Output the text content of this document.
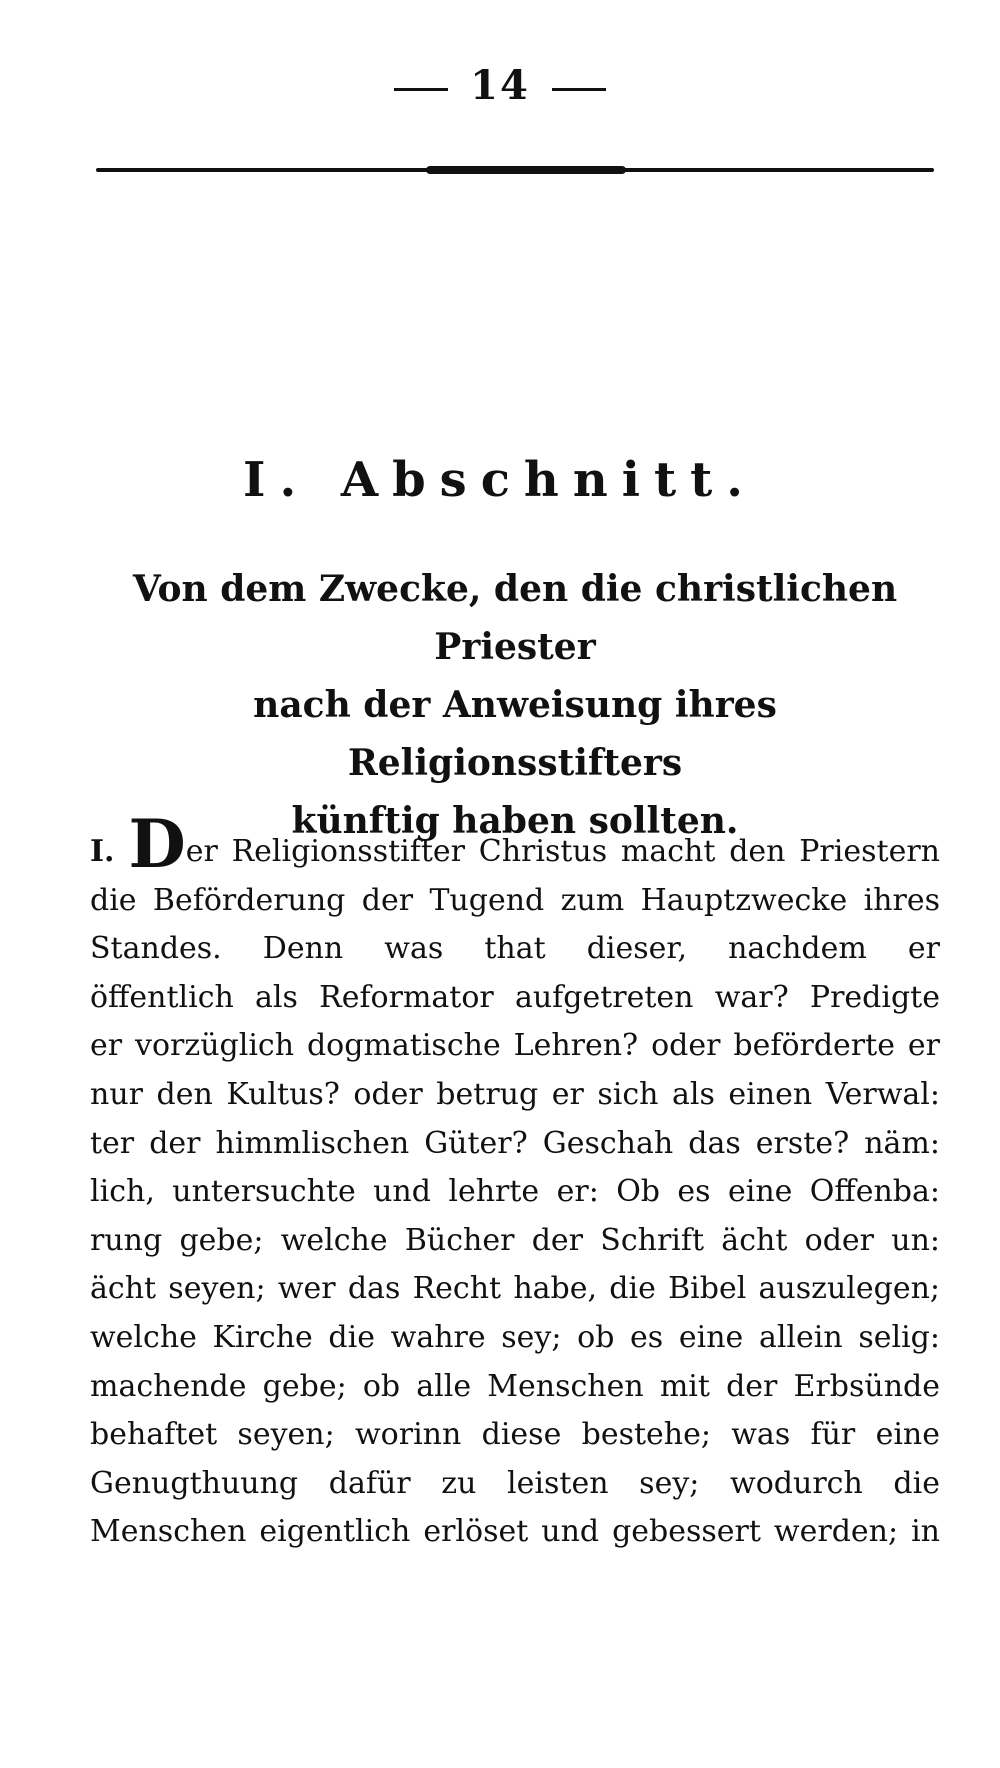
14
I. Abschnitt.
Von dem Zwecke, den die christlichen Priester
nach der Anweisung ihres Religionsstifters
künftig haben sollten.
I. Der Religionsstifter Christus macht den Priestern
die Beförderung der Tugend zum Hauptzwecke ihres
Standes. Denn was that dieser, nachdem er
öffentlich als Reformator aufgetreten war? Predigte
er vorzüglich dogmatische Lehren? oder beförderte er
nur den Kultus? oder betrug er sich als einen Verwal:
ter der himmlischen Güter? Geschah das erste? näm:
lich, untersuchte und lehrte er: Ob es eine Offenba:
rung gebe; welche Bücher der Schrift ächt oder un:
ächt seyen; wer das Recht habe, die Bibel auszulegen;
welche Kirche die wahre sey; ob es eine allein selig:
machende gebe; ob alle Menschen mit der Erbsünde
behaftet seyen; worinn diese bestehe; was für eine
Genugthuung dafür zu leisten sey; wodurch die
Menschen eigentlich erlöset und gebessert werden; in
